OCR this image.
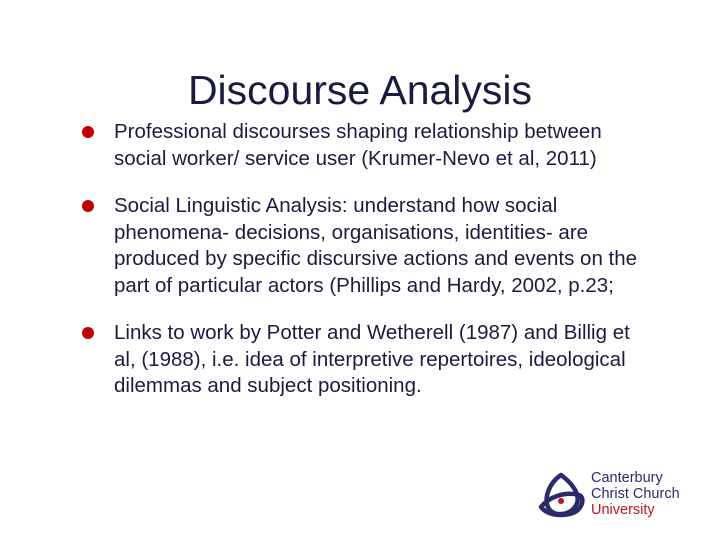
Discourse Analysis
Professional discourses shaping relationship between social worker/ service user (Krumer-Nevo et al, 2011)
Social Linguistic Analysis: understand how social phenomena- decisions, organisations, identities- are produced by specific discursive actions and events on the part of particular actors (Phillips and Hardy, 2002, p.23;
Links to work by Potter and Wetherell (1987) and Billig et al, (1988), i.e. idea of interpretive repertoires, ideological dilemmas and subject positioning.
Canterbury
Christ Church
University
